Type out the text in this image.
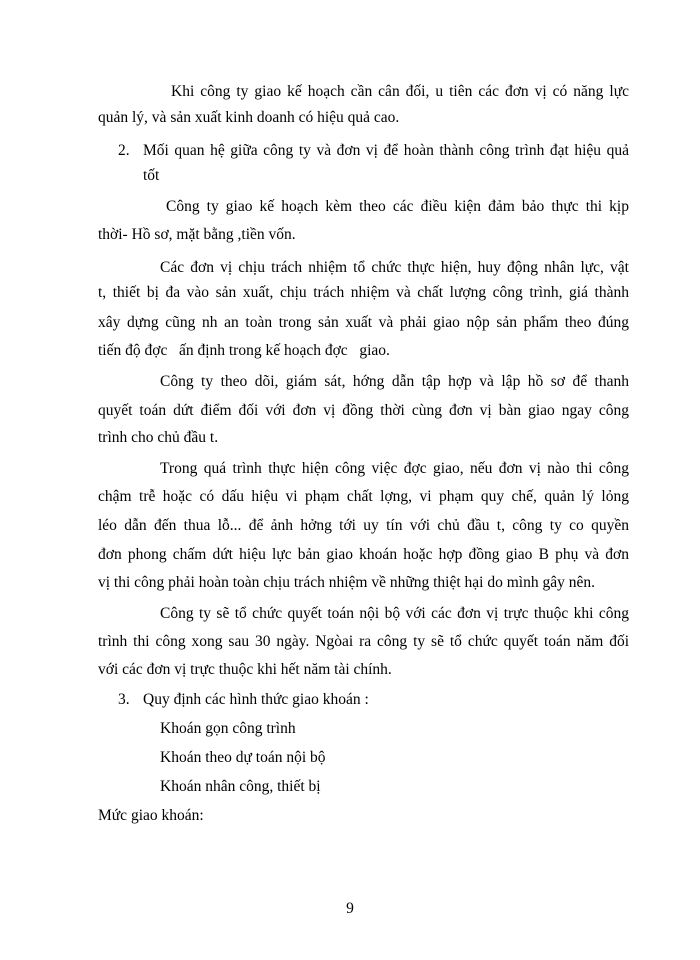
Khi công ty giao kế hoạch cần cân đối, u tiên các đơn vị có năng lực
quản lý, và sản xuất kinh doanh có hiệu quả cao.
2. Mối quan hệ giữa công ty và đơn vị để hoàn thành công trình đạt hiệu quả
tốt
Công ty giao kế hoạch kèm theo các điều kiện đảm bảo thực thi kịp
thời- Hồ sơ, mặt bằng ,tiền vốn.
Các đơn vị chịu trách nhiệm tổ chức thực hiện, huy động nhân lực, vật
t, thiết bị đa vào sản xuất, chịu trách nhiệm và chất lượng công trình, giá thành
xây dựng cũng nh an toàn trong sản xuất và phải giao nộp sản phẩm theo đúng
tiến độ đợc   ấn định trong kế hoạch đợc   giao.
Công ty theo dõi, giám sát, hớng dẫn tập hợp và lập hồ sơ để thanh
quyết toán dứt điểm đối với đơn vị đồng thời cùng đơn vị bàn giao ngay công
trình cho chủ đầu t.
Trong quá trình thực hiện công việc đợc giao, nếu đơn vị nào thi công
chậm trễ hoặc có dấu hiệu vi phạm chất lợng, vi phạm quy chế, quản lý lỏng
léo dẫn đến thua lỗ... để ảnh hởng tới uy tín với chủ đầu t, công ty co quyền
đơn phong chấm dứt hiệu lực bản giao khoán hoặc hợp đồng giao B phụ và đơn
vị thi công phải hoàn toàn chịu trách nhiệm về những thiệt hại do mình gây nên.
Công ty sẽ tổ chức quyết toán nội bộ với các đơn vị trực thuộc khi công
trình thi công xong sau 30 ngày. Ngòai ra công ty sẽ tổ chức quyết toán năm đối
với các đơn vị trực thuộc khi hết năm tài chính.
3. Quy định các hình thức giao khoán :
Khoán gọn công trình
Khoán theo dự toán nội bộ
Khoán nhân công, thiết bị
Mức giao khoán:
9
